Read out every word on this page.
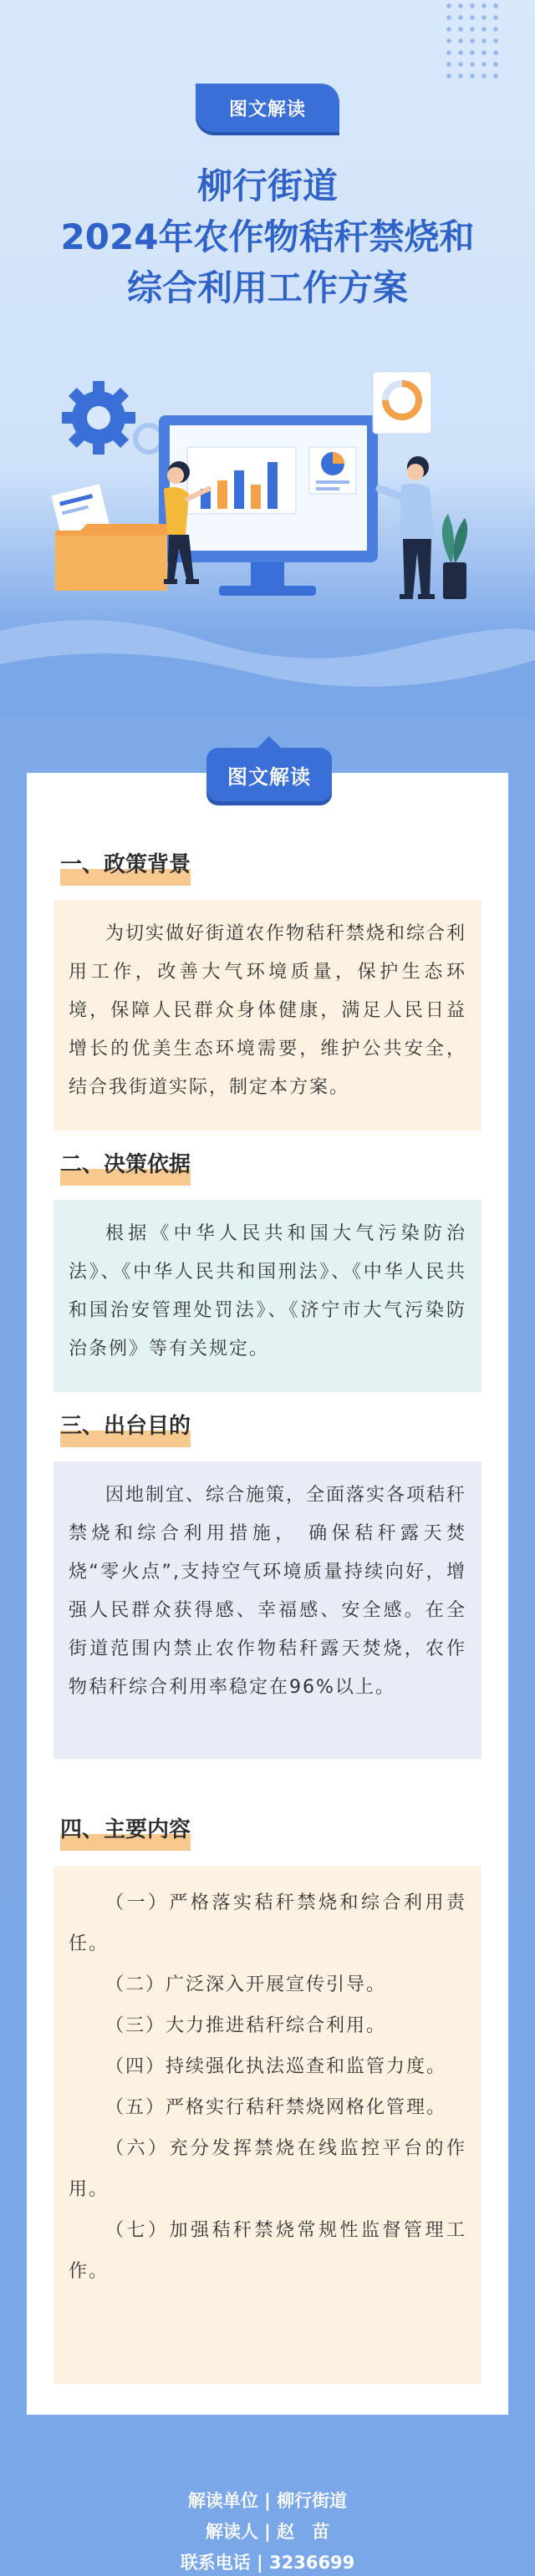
图文解读
柳行街道
2024年农作物秸秆禁烧和
综合利用工作方案
图文解读
一、政策背景

为切实做好街道农作物秸秆禁烧和综合利用工作，改善大气环境质量，保护生态环境，保障人民群众身体健康，满足人民日益增长的优美生态环境需要，维护公共安全，结合我街道实际，制定本方案。

二、决策依据

根据《中华人民共和国大气污染防治法》、《中华人民共和国刑法》、《中华人民共和国治安管理处罚法》、《济宁市大气污染防治条例》等有关规定。

三、出台目的

因地制宜、综合施策，全面落实各项秸秆禁烧和综合利用措施， 确保秸秆露天焚烧“零火点”,支持空气环境质量持续向好，增强人民群众获得感、幸福感、安全感。在全街道范围内禁止农作物秸秆露天焚烧，农作物秸秆综合利用率稳定在96%以上。

四、主要内容

（一）严格落实秸秆禁烧和综合利用责任。

（二）广泛深入开展宣传引导。

（三）大力推进秸秆综合利用。

（四）持续强化执法巡查和监管力度。

（五）严格实行秸秆禁烧网格化管理。

（六）充分发挥禁烧在线监控平台的作用。

（七）加强秸秆禁烧常规性监督管理工作。

解读单位 | 柳行街道
解读人 | 赵　苗
联系电话 | 3236699
